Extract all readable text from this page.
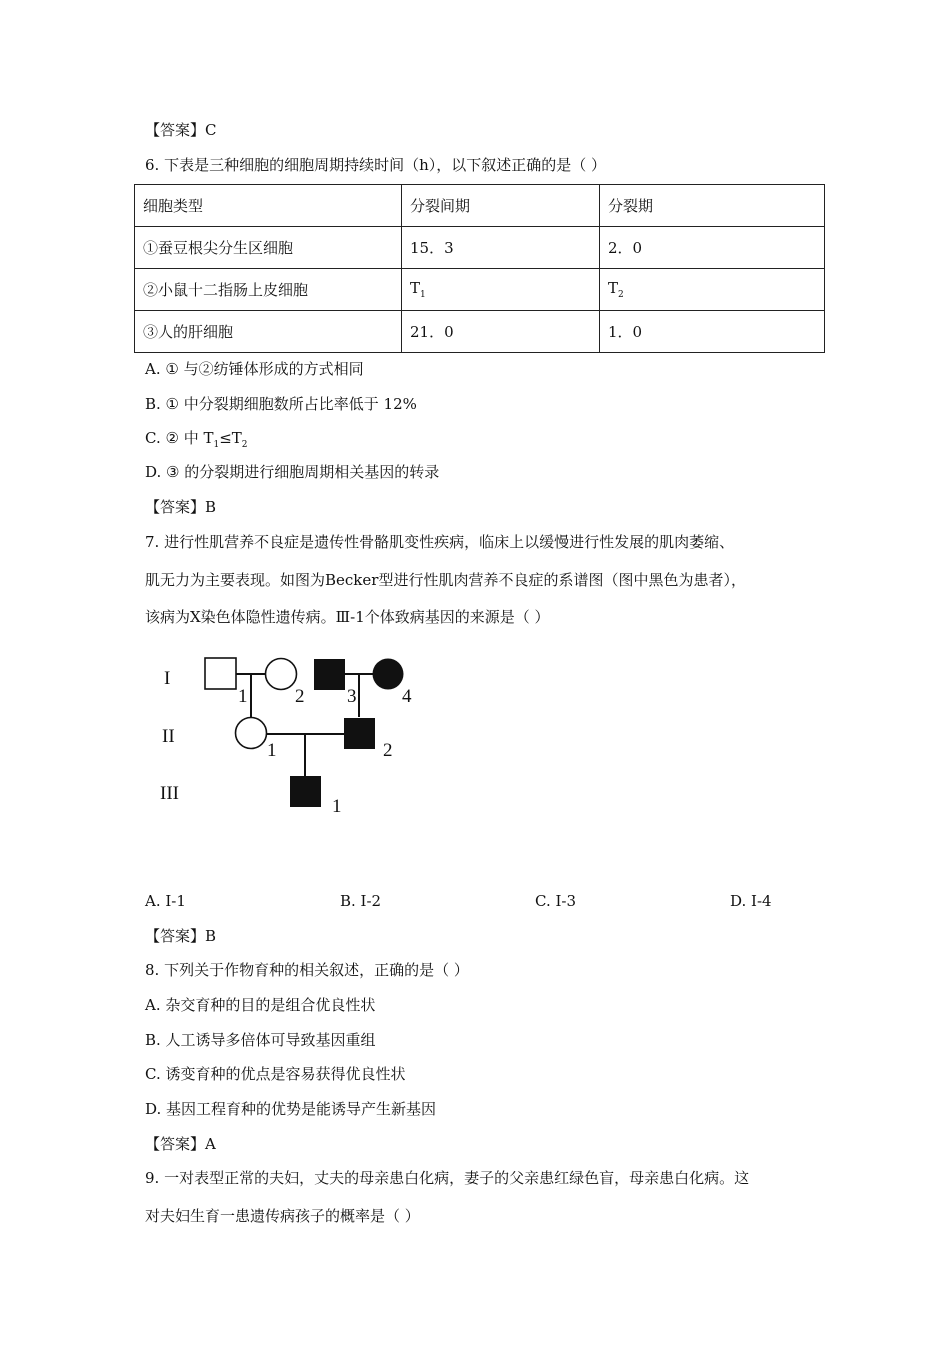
【答案】C
6. 下表是三种细胞的细胞周期持续时间（h），以下叙述正确的是（ ）
细胞类型	分裂间期	分裂期
①蚕豆根尖分生区细胞	15．3	2．0
②小鼠十二指肠上皮细胞	$T_1$	$T_2$
③人的肝细胞	21．0	1．0
A. ① 与②纺锤体形成的方式相同
B. ① 中分裂期细胞数所占比率低于 12%
C. ② 中 $T_1\le T_2$
D. ③ 的分裂期进行细胞周期相关基因的转录
【答案】B
7. 进行性肌营养不良症是遗传性骨骼肌变性疾病，临床上以缓慢进行性发展的肌肉萎缩、
肌无力为主要表现。如图为Becker型进行性肌肉营养不良症的系谱图（图中黑色为患者），
该病为X染色体隐性遗传病。Ⅲ-1个体致病基因的来源是（ ）
I
II
III
1	2 3 4
1	2
1
A. Ⅰ-1	B. Ⅰ-2	C. Ⅰ-3	D. Ⅰ-4
【答案】B
8. 下列关于作物育种的相关叙述，正确的是（ ）
A. 杂交育种的目的是组合优良性状
B. 人工诱导多倍体可导致基因重组
C. 诱变育种的优点是容易获得优良性状
D. 基因工程育种的优势是能诱导产生新基因
【答案】A
9. 一对表型正常的夫妇，丈夫的母亲患白化病，妻子的父亲患红绿色盲，母亲患白化病。这
对夫妇生育一患遗传病孩子的概率是（ ）
